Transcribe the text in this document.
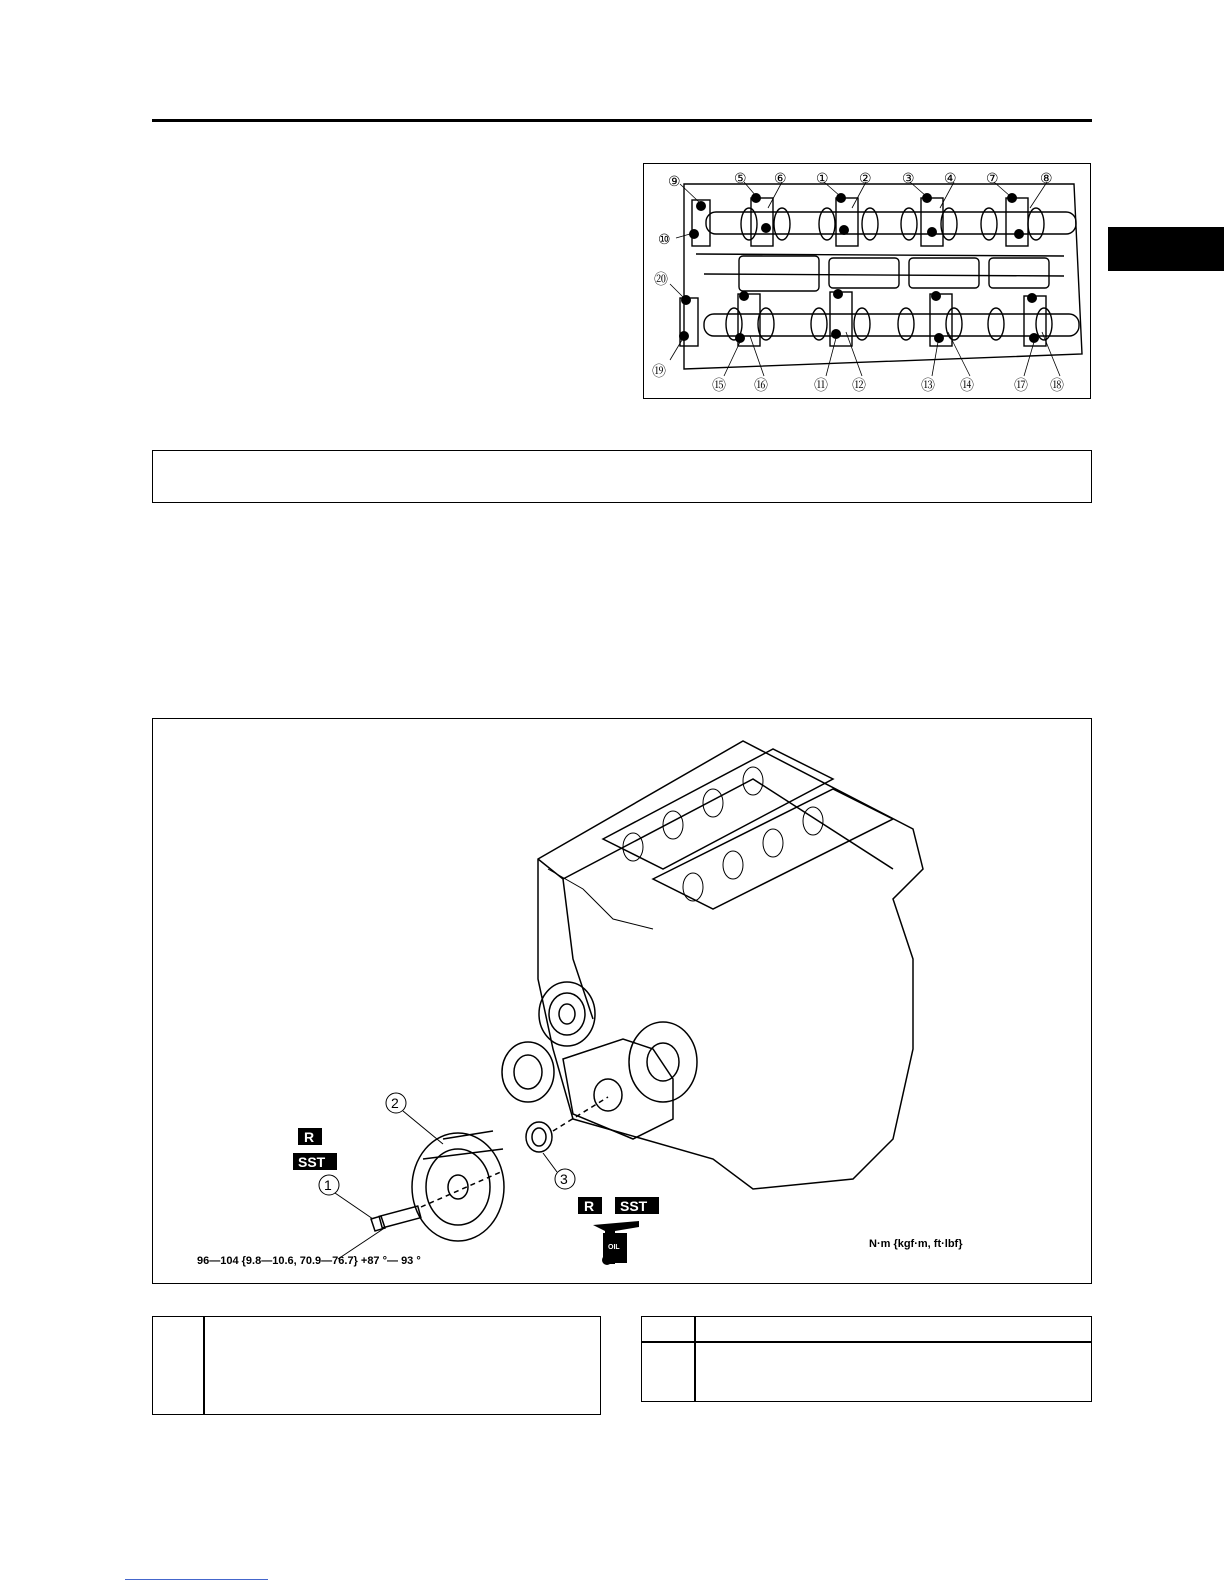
⑨	⑤ ⑥ ① ② ③ ④ ⑦	⑧
⑩
⑳
⑲
⑮ ⑯	⑪ ⑫	⑬ ⑭	⑰ ⑱
2
3
1
R
SST
R SST
OIL
96—104 {9.8—10.6, 70.9—76.7} +87 °— 93 °
N·m {kgf·m, ft·lbf}
